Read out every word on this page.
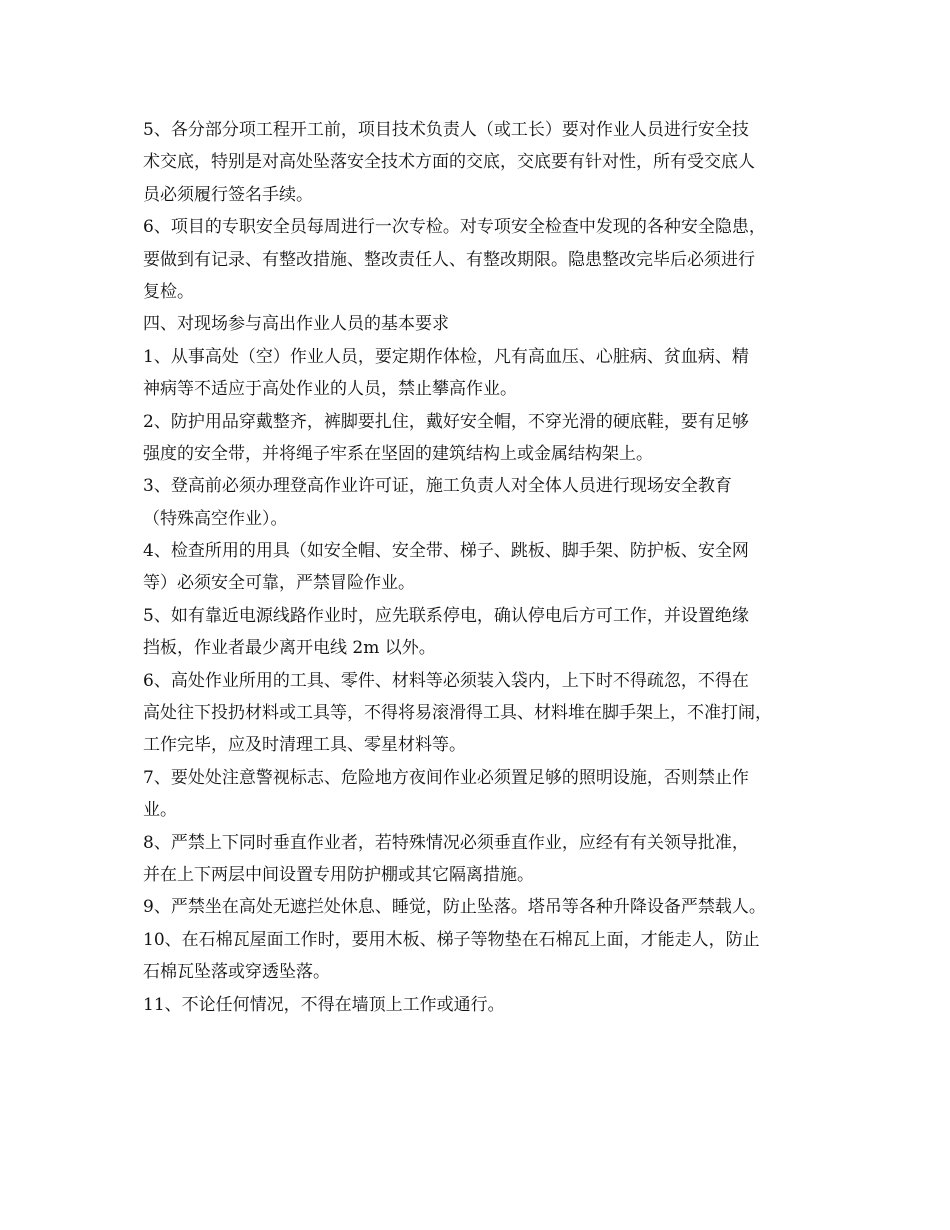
5、各分部分项工程开工前，项目技术负责人（或工长）要对作业人员进行安全技
术交底，特别是对高处坠落安全技术方面的交底，交底要有针对性，所有受交底人
员必须履行签名手续。
6、项目的专职安全员每周进行一次专检。对专项安全检查中发现的各种安全隐患，
要做到有记录、有整改措施、整改责任人、有整改期限。隐患整改完毕后必须进行
复检。
四、对现场参与高出作业人员的基本要求
1、从事高处（空）作业人员，要定期作体检，凡有高血压、心脏病、贫血病、精
神病等不适应于高处作业的人员，禁止攀高作业。
2、防护用品穿戴整齐，裤脚要扎住，戴好安全帽，不穿光滑的硬底鞋，要有足够
强度的安全带，并将绳子牢系在坚固的建筑结构上或金属结构架上。
3、登高前必须办理登高作业许可证，施工负责人对全体人员进行现场安全教育
（特殊高空作业）。
4、检查所用的用具（如安全帽、安全带、梯子、跳板、脚手架、防护板、安全网
等）必须安全可靠，严禁冒险作业。
5、如有靠近电源线路作业时，应先联系停电，确认停电后方可工作，并设置绝缘
挡板，作业者最少离开电线 2m 以外。
6、高处作业所用的工具、零件、材料等必须装入袋内，上下时不得疏忽，不得在
高处往下投扔材料或工具等，不得将易滚滑得工具、材料堆在脚手架上，不准打闹，
工作完毕，应及时清理工具、零星材料等。
7、要处处注意警视标志、危险地方夜间作业必须置足够的照明设施，否则禁止作
业。
8、严禁上下同时垂直作业者，若特殊情况必须垂直作业，应经有有关领导批准，
并在上下两层中间设置专用防护棚或其它隔离措施。
9、严禁坐在高处无遮拦处休息、睡觉，防止坠落。塔吊等各种升降设备严禁载人。
10、在石棉瓦屋面工作时，要用木板、梯子等物垫在石棉瓦上面，才能走人，防止
石棉瓦坠落或穿透坠落。
11、不论任何情况，不得在墙顶上工作或通行。
